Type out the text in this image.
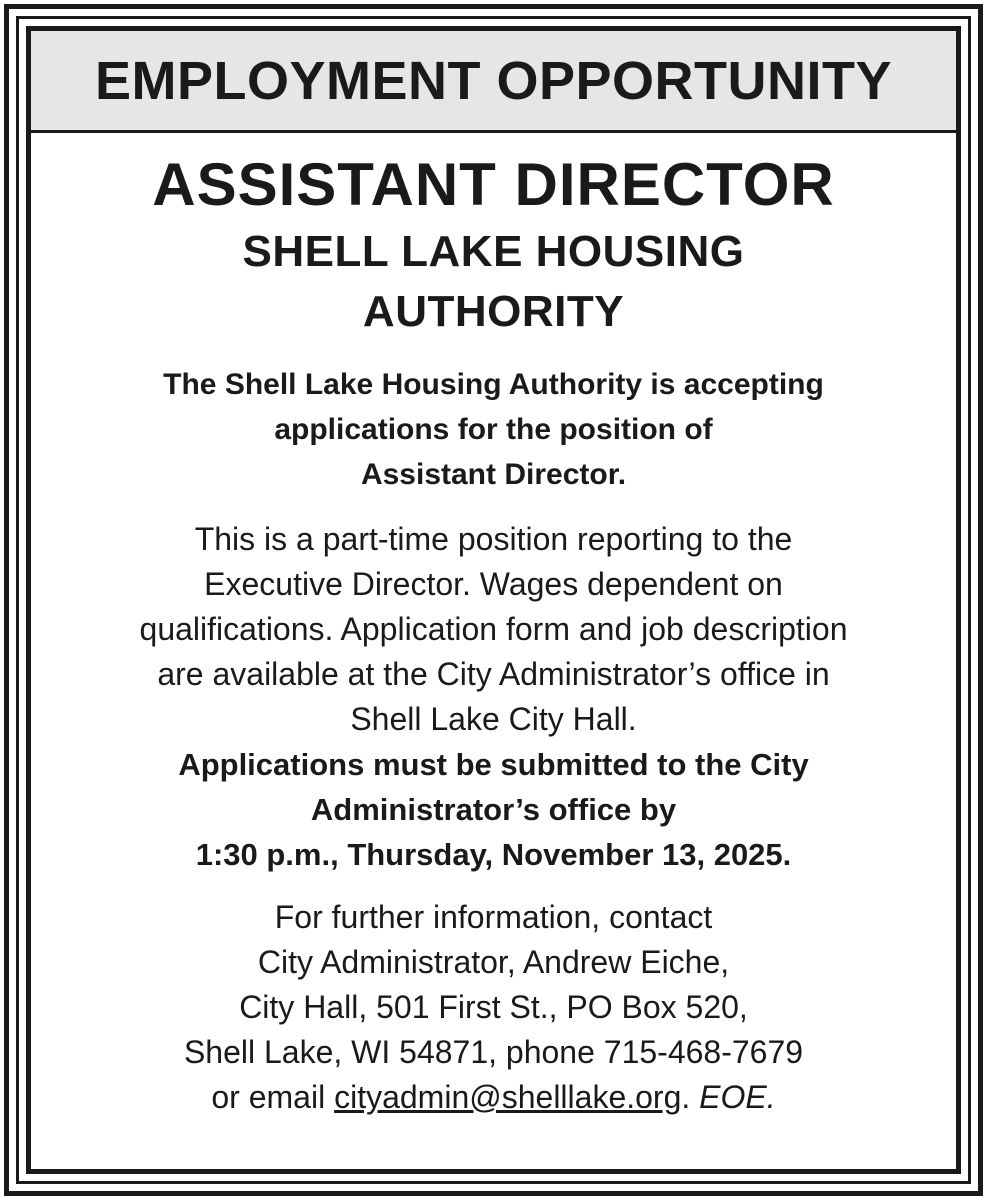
EMPLOYMENT OPPORTUNITY
ASSISTANT DIRECTOR
SHELL LAKE HOUSING
AUTHORITY
The Shell Lake Housing Authority is accepting
applications for the position of
Assistant Director.
This is a part-time position reporting to the
Executive Director. Wages dependent on
qualifications. Application form and job description
are available at the City Administrator’s office in
Shell Lake City Hall.
Applications must be submitted to the City
Administrator’s office by
1:30 p.m., Thursday, November 13, 2025.
For further information, contact
City Administrator, Andrew Eiche,
City Hall, 501 First St., PO Box 520,
Shell Lake, WI 54871, phone 715-468-7679
or email cityadmin@shelllake.org. EOE.
